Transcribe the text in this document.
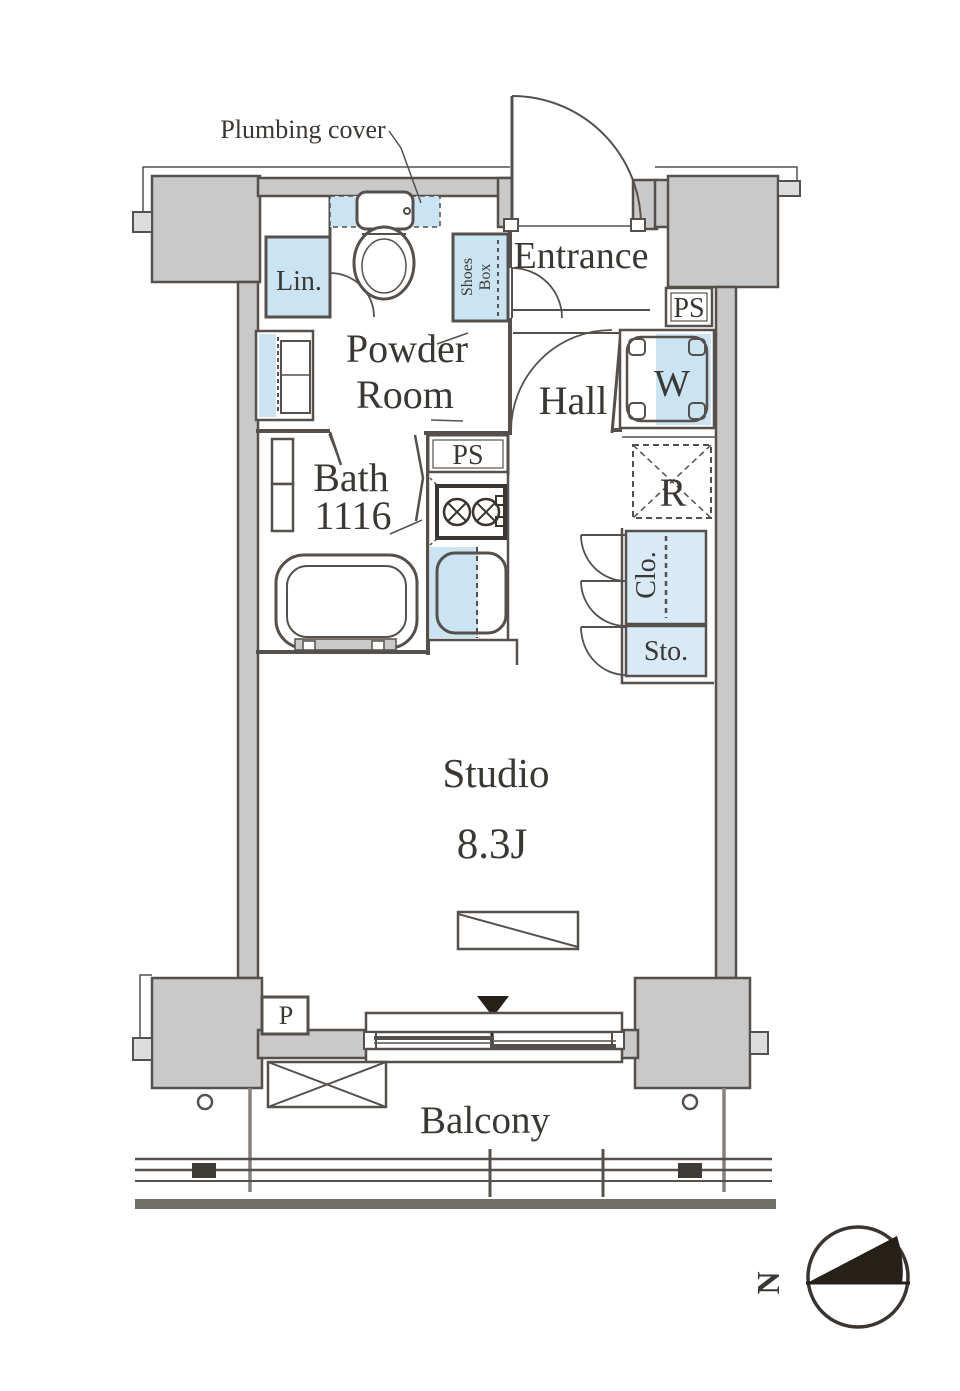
N
Plumbing cover
Entrance
PS
Powder
Room Hall W
R
Bath
1116
PS
Lin.	Shoes Box
Clo.
Sto.
Studio
8.3J
P
Balcony
